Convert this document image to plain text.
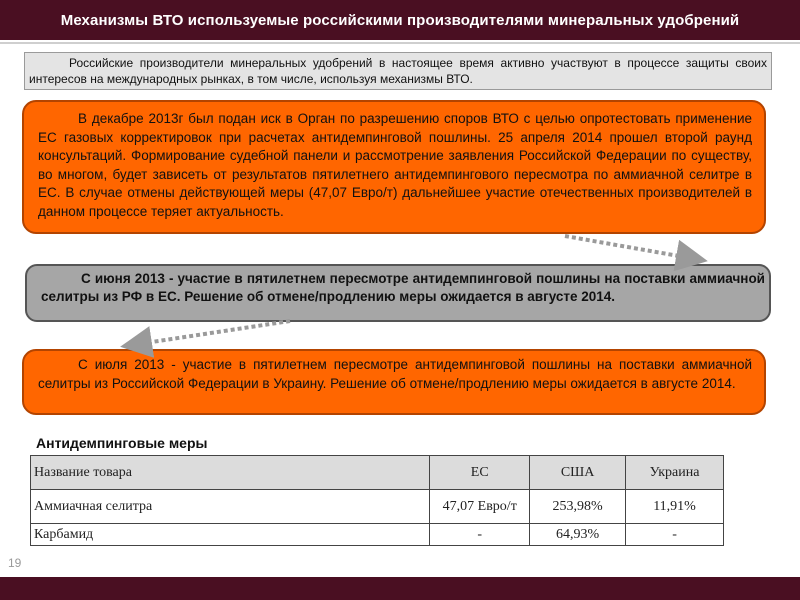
Механизмы ВТО используемые российскими производителями минеральных удобрений
Российские производители минеральных удобрений в настоящее время активно участвуют в процессе защиты своих интересов на международных рынках, в том числе, используя механизмы ВТО.
В декабре 2013г был подан иск в Орган по разрешению споров ВТО с целью опротестовать применение ЕС газовых корректировок при расчетах антидемпинговой пошлины. 25 апреля 2014 прошел второй раунд консультаций. Формирование судебной панели и рассмотрение заявления Российской Федерации по существу, во многом, будет зависеть от результатов пятилетнего антидемпингового пересмотра по аммиачной селитре в ЕС. В случае отмены действующей меры (47,07 Евро/т) дальнейшее участие отечественных производителей в данном процессе теряет актуальность.
С июня 2013 - участие в пятилетнем пересмотре антидемпинговой пошлины на поставки аммиачной селитры из РФ в ЕС. Решение об отмене/продлению меры ожидается в августе 2014.
С июля 2013 - участие в пятилетнем пересмотре антидемпинговой пошлины на поставки аммиачной селитры из Российской Федерации в Украину. Решение об отмене/продлению меры ожидается в августе 2014.
Антидемпинговые меры
Название товара	ЕС	США	Украина
Аммиачная селитра	47,07 Евро/т	253,98%	11,91%
Карбамид	-	64,93%	-
19
